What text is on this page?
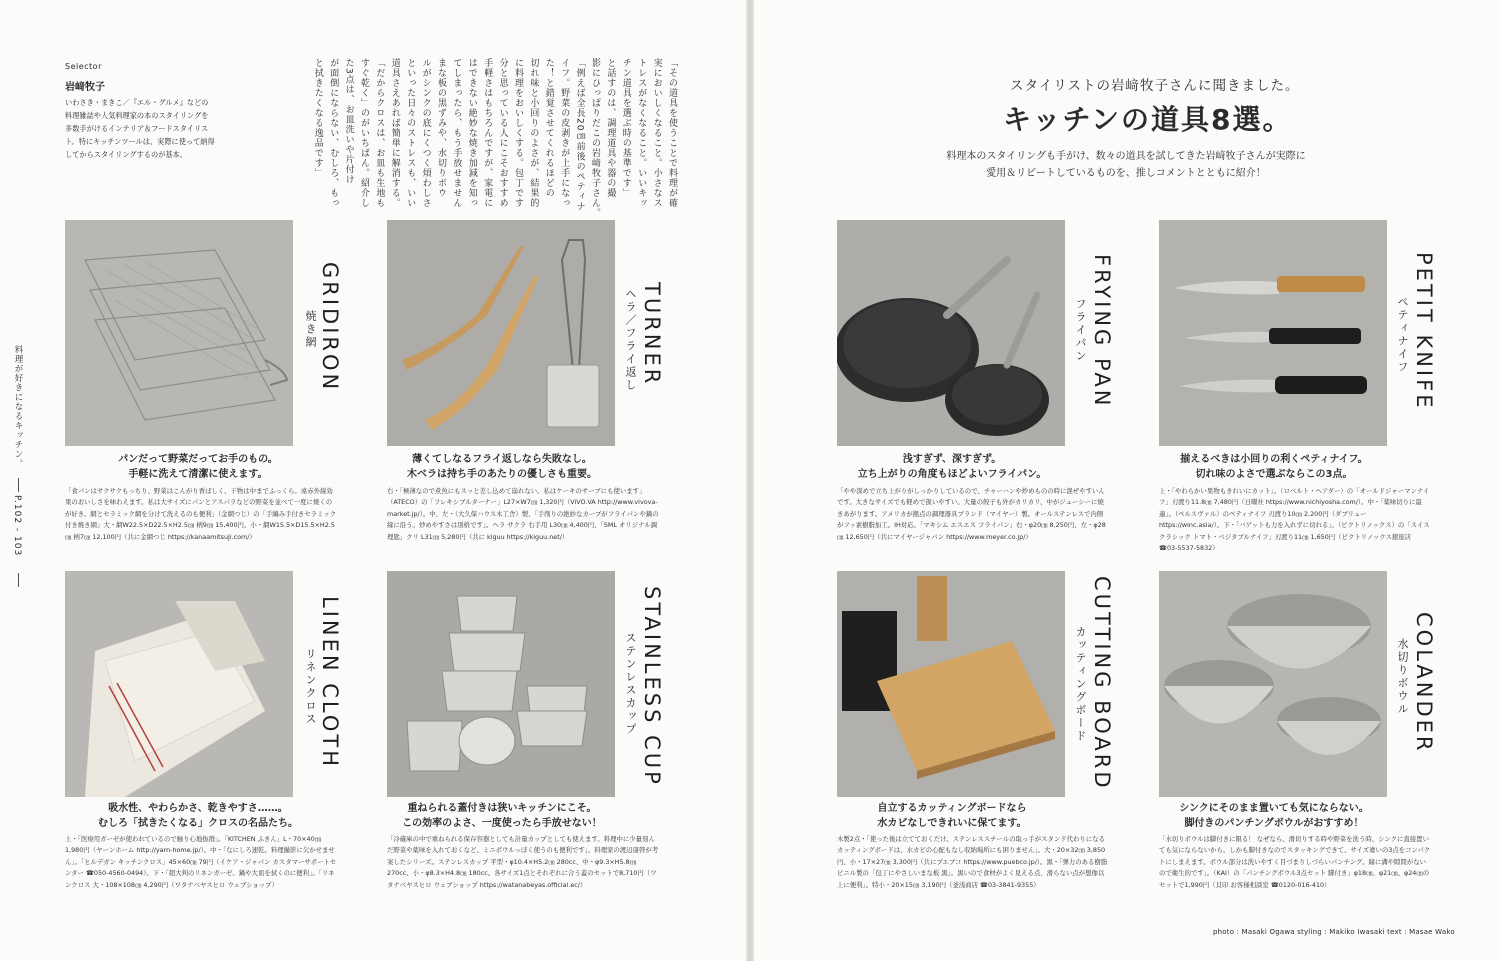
料理が好きになるキッチン。
P.102 - 103
Selector
岩﨑牧子
いわさき・まきこ／『エル・グルメ』などの料理雑誌や人気料理家の本のスタイリングを多数手がけるインテリア＆フードスタイリスト。特にキッチンツールは、実際に使って納得してからスタイリングするのが基本。	「その道具を使うことで料理が確
実においしくなること。小さなス
トレスがなくなること。いいキッ
チン道具を選ぶ時の基準です」
と話すのは、調理道具や器の撮
影にひっぱりだこの岩﨑牧子さん。
「例えば全長20㎝前後のペティナ
イフ。野菜の皮剥きが上手になっ
た！と錯覚させてくれるほどの
切れ味と小回りのよさが、結果的
に料理をおいしくする。包丁です
分と思っている人にこそおすすめ
手軽さはもちろんですが、家電に
はできない絶妙な焼き加減を知っ
てしまったら、もう手放せません
まな板の黒ずみや、水切りボウ
ルがシンクの底にくつく煩わしさ
といった日々のストレスも、いい
道具さえあれば簡単に解消する。
「だからクロスは、お皿も生地も
すぐ乾く」のがいちばん。紹介し
た3点は、お皿洗いや片付け
が面倒にならない、むしろ、もっ
と拭きたくなる逸品です」	スタイリストの岩﨑牧子さんに聞きました。
キッチンの道具8選。
料理本のスタイリングも手がけ、数々の道具を試してきた岩﨑牧子さんが実際に愛用＆リピートしているものを、推しコメントとともに紹介！
GRIDIRON
焼き網
パンだって野菜だってお手のもの。
手軽に洗えて清潔に使えます。
「食パンはサクサクもっちり、野菜はこんがり香ばしく、干物は中までふっくら。遠赤外線効果のおいしさを味わえます。私は大サイズにパンとアスパラなどの野菜を並べて一度に焼くのが好き。網とセラミック網を分けて洗えるのも便利」（金網つじ）の「手編み手付きセラミック付き焼き網」大・網W22.5×D22.5×H2.5㎝ 柄9㎝ 15,400円、小・網W15.5×D15.5×H2.5㎝ 柄7㎝ 12,100円（共に金網つじ https://kanaamitsuji.com/）
TURNER
ヘラ／フライ返し
薄くてしなるフライ返しなら失敗なし。
木ベラは持ち手のあたりの優しさも重要。
右・「極薄なので煮魚にもスッと差し込めて崩れない。私はケーキのサーブにも使います」（ATECO）の「フレキシブルターナー」L27×W7㎝ 1,320円（ViVO.VA http://www.vivova-market.jp/）。中、左・（大久保ハウス木工舎）製、「手削りの絶妙なカーブがフライパンや鍋の縁に沿う。炒めやすさは別格です」。ヘラ サクラ 右手用 L30㎝ 4,400円、「SML オリジナル調理匙」クリ L31㎝ 5,280円（共に kiguu https://kiguu.net/）
FRYING PAN
フライパン
浅すぎず、深すぎず。
立ち上がりの角度もほどよいフライパン。
「やや深めで立ち上がりがしっかりしているので、チャーハンや炒めものの時に混ぜやすいんです。大きなサイズでも軽めで扱いやすい。大量の餃子も外がカリカリ、中がジューシーに焼きあがります。アメリカが拠点の調理器具ブランド（マイヤー）製。オールステンレスで内側がフッ素樹脂加工。IH対応。「マキシム エスエス フライパン」右・φ20㎝ 8,250円、左・φ28㎝ 12,650円（共にマイヤージャパン https://www.meyer.co.jp/）
PETIT KNIFE
ペティナイフ
揃えるべきは小回りの利くペティナイフ。
切れ味のよさで選ぶならこの3点。
上・「やわらかい果物もきれいにカット」。（ロベルト・ヘアダー）の「オールドジャーマンナイフ」刃渡り11.8㎝ 7,480円（日曜社 https://www.nichiyosha.com/）。中・「薬味切りに最適」。（ペルスヴァル）のペティナイフ 刃渡り10㎝ 2,200円（ダブリュー https://winc.asia/）。下・「バゲットも力を入れずに切れる」。（ビクトリノックス）の「スイスクラシック トマト・ベジタブルナイフ」刃渡り11㎝ 1,650円（ビクトリノックス銀座店 ☎03-5537-5832）
LINEN CLOTH
リネンクロス
吸水性、やわらかさ、乾きやすさ……。
むしろ「拭きたくなる」クロスの名品たち。
上・「医療用ガーゼが使われているので触り心地抜群」。「KITCHEN ふきん」L・70×40㎝ 1,980円（ヤーンホーム http://yarn-home.jp/）。中・「なにしろ速乾。料理撮影に欠かせません」。「ヒルデガン キッチンクロス」45×60㎝ 79円（イケア・ジャパン カスタマーサポートセンター ☎050-4560-0494）。下・「超大判のリネンガーゼ。鍋や大皿を拭くのに便利」。「リネンクロス 大・108×108㎝ 4,290円（ワタナベヤスヒロ ウェブショップ）
STAINLESS CUP
ステンレスカップ
重ねられる蓋付きは狭いキッチンにこそ。
この効率のよさ、一度使ったら手放せない！
「冷蔵庫の中で重ねられる保存容器としても計量カップとしても使えます。料理中に少量刻んだ野菜や薬味を入れておくなど、ミニボウルっぽく使うのも便利です」。料理家の渡辺康啓が考案したシリーズ。ステンレスカップ 平型・φ10.4×H5.2㎝ 280cc、中・φ9.3×H5.8㎝ 270cc、小・φ8.3×H4.8㎝ 180cc。各サイズ1点とそれぞれに合う蓋のセットで8,710円（ワタナベヤスヒロ ウェブショップ https://watanabeyas.official.ec/）
CUTTING BOARD
カッティングボード
自立するカッティングボードなら
水カビなしできれいに保てます。
木製2点・「使った後は立てておくだけ。ステンレススチールの取っ手がスタンド代わりになるカッティングボードは、水カビの心配もなし収納場所にも困りません」。大・20×32㎝ 3,850円、小・17×27㎝ 3,300円（共にプエブコ https://www.puebco.jp/）。黒・「弾力のある樹脂ビニル製の「包丁にやさしいまな板 黒」。黒いので食材がよく見える点、滑らない点が想像以上に便利」。特小・20×15㎝ 3,190円（釜浅商店 ☎03-3841-9355）
COLANDER
水切りボウル
シンクにそのまま置いても気にならない。
脚付きのパンチングボウルがおすすめ！
「水切りボウルは脚付きに限る！ なぜなら、滑切りする時や野菜を洗う時、シンクに直接置いても気にならないから。しかも脚付きなのでスタッキングできて、サイズ違いの3点をコンパクトにしまえます。ボウル部分は洗いやすく目づまりしづらいパンチング。縁に溝や隙間がないので衛生的です」。（KAI）の「パンチングボウル3点セット 脚付き」φ18㎝、φ21㎝、φ24㎝のセットで1,990円（貝印 お客様相談室 ☎0120-016-410）
photo : Masaki Ogawa styling : Makiko Iwasaki text : Masae Wako
